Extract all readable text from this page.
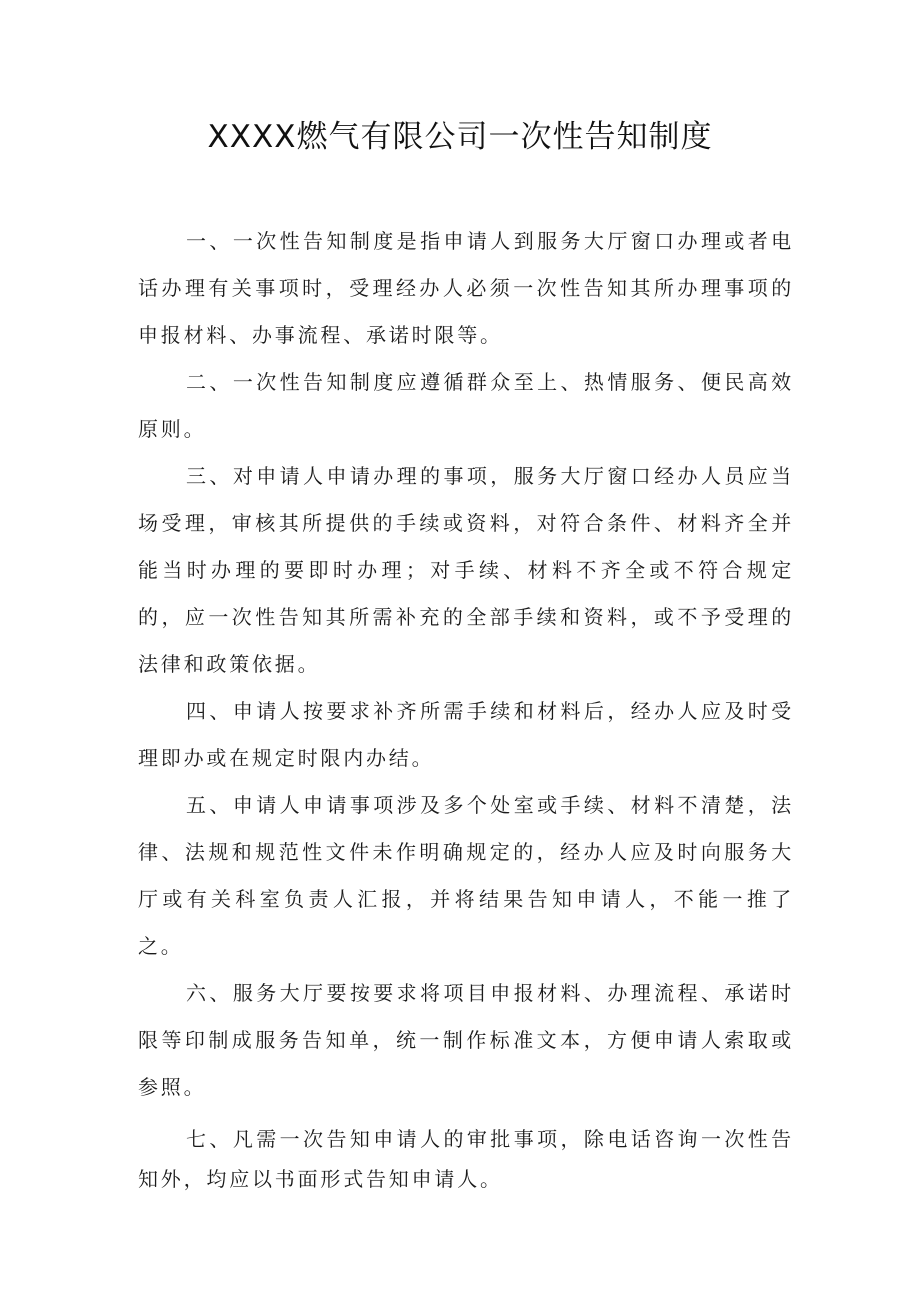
XXXX燃气有限公司一次性告知制度

一、一次性告知制度是指申请人到服务大厅窗口办理或者电话办理有关事项时，受理经办人必须一次性告知其所办理事项的申报材料、办事流程、承诺时限等。

二、一次性告知制度应遵循群众至上、热情服务、便民高效原则。

三、对申请人申请办理的事项，服务大厅窗口经办人员应当场受理，审核其所提供的手续或资料，对符合条件、材料齐全并能当时办理的要即时办理；对手续、材料不齐全或不符合规定的，应一次性告知其所需补充的全部手续和资料，或不予受理的法律和政策依据。

四、申请人按要求补齐所需手续和材料后，经办人应及时受理即办或在规定时限内办结。

五、申请人申请事项涉及多个处室或手续、材料不清楚，法律、法规和规范性文件未作明确规定的，经办人应及时向服务大厅或有关科室负责人汇报，并将结果告知申请人，不能一推了之。

六、服务大厅要按要求将项目申报材料、办理流程、承诺时限等印制成服务告知单，统一制作标准文本，方便申请人索取或参照。

七、凡需一次告知申请人的审批事项，除电话咨询一次性告知外，均应以书面形式告知申请人。
